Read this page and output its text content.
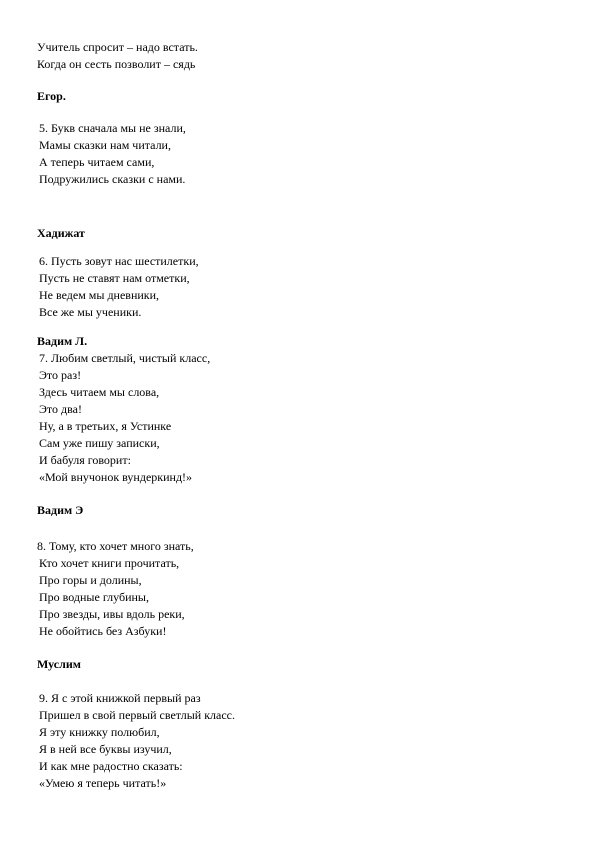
Учитель спросит – надо встать.
Когда он сесть позволит – сядь
Егор.
5. Букв сначала мы не знали,
Мамы сказки нам читали,
А теперь читаем сами,
Подружились сказки с нами.
Хадижат
6. Пусть зовут нас шестилетки,
Пусть не ставят нам отметки,
Не ведем мы дневники,
Все же мы ученики.
Вадим Л.
7. Любим светлый, чистый класс,
Это раз!
Здесь читаем мы слова,
Это два!
Ну, а в третьих, я Устинке
Сам уже пишу записки,
И бабуля говорит:
«Мой внучонок вундеркинд!»
Вадим Э
8. Тому, кто хочет много знать,
Кто хочет книги прочитать,
Про горы и долины,
Про водные глубины,
Про звезды, ивы вдоль реки,
Не обойтись без Азбуки!
Муслим
9. Я с этой книжкой первый раз
Пришел в свой первый светлый класс.
Я эту книжку полюбил,
Я в ней все буквы изучил,
И как мне радостно сказать:
«Умею я теперь читать!»
